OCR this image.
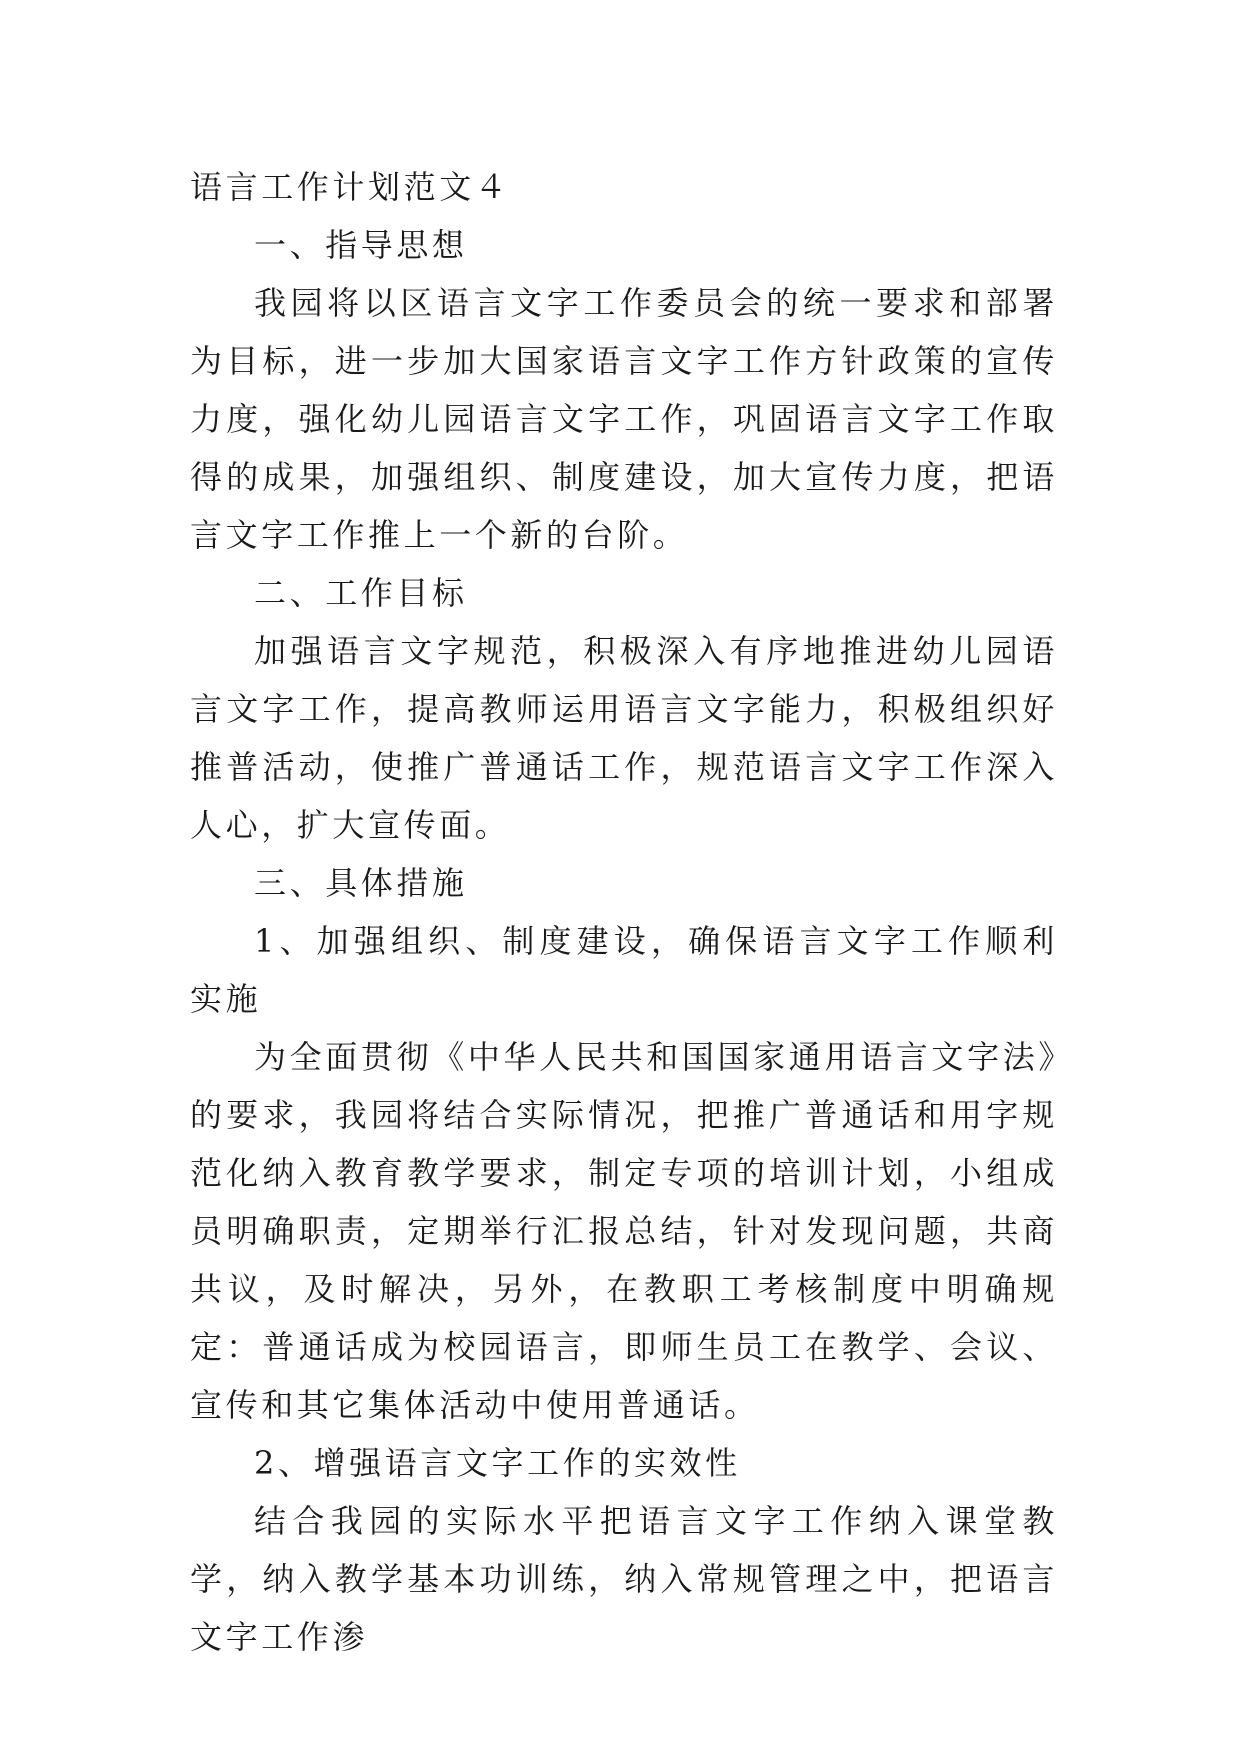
语言工作计划范文４
一、指导思想
我园将以区语言文字工作委员会的统一要求和部署为目标，进一步加大国家语言文字工作方针政策的宣传力度，强化幼儿园语言文字工作，巩固语言文字工作取得的成果，加强组织、制度建设，加大宣传力度，把语言文字工作推上一个新的台阶。
二、工作目标
加强语言文字规范，积极深入有序地推进幼儿园语言文字工作，提高教师运用语言文字能力，积极组织好推普活动，使推广普通话工作，规范语言文字工作深入人心，扩大宣传面。
三、具体措施
1、加强组织、制度建设，确保语言文字工作顺利实施
为全面贯彻《中华人民共和国国家通用语言文字法》的要求，我园将结合实际情况，把推广普通话和用字规范化纳入教育教学要求，制定专项的培训计划，小组成员明确职责，定期举行汇报总结，针对发现问题，共商共议，及时解决，另外，在教职工考核制度中明确规定：普通话成为校园语言，即师生员工在教学、会议、宣传和其它集体活动中使用普通话。
2、增强语言文字工作的实效性
结合我园的实际水平把语言文字工作纳入课堂教学，纳入教学基本功训练，纳入常规管理之中，把语言文字工作渗
